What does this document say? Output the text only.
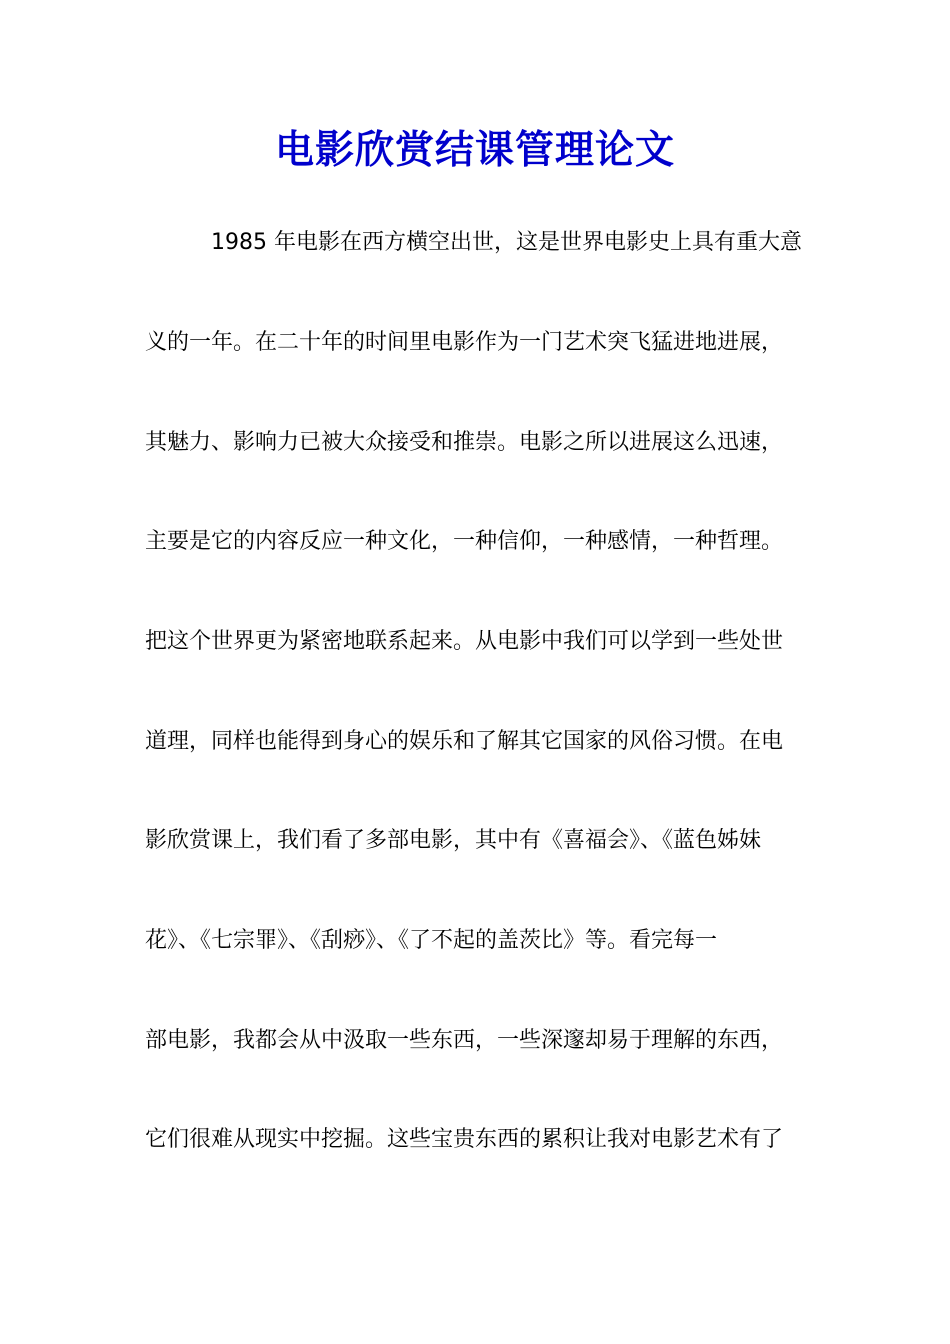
电影欣赏结课管理论文

1985 年电影在西方横空出世，这是世界电影史上具有重大意

义的一年。在二十年的时间里电影作为一门艺术突飞猛进地进展，

其魅力、影响力已被大众接受和推崇。电影之所以进展这么迅速，

主要是它的内容反应一种文化，一种信仰，一种感情，一种哲理。

把这个世界更为紧密地联系起来。从电影中我们可以学到一些处世

道理，同样也能得到身心的娱乐和了解其它国家的风俗习惯。在电

影欣赏课上，我们看了多部电影，其中有《喜福会》、《蓝色姊妹

花》、《七宗罪》、《刮痧》、《了不起的盖茨比》等。看完每一

部电影，我都会从中汲取一些东西，一些深邃却易于理解的东西，

它们很难从现实中挖掘。这些宝贵东西的累积让我对电影艺术有了
